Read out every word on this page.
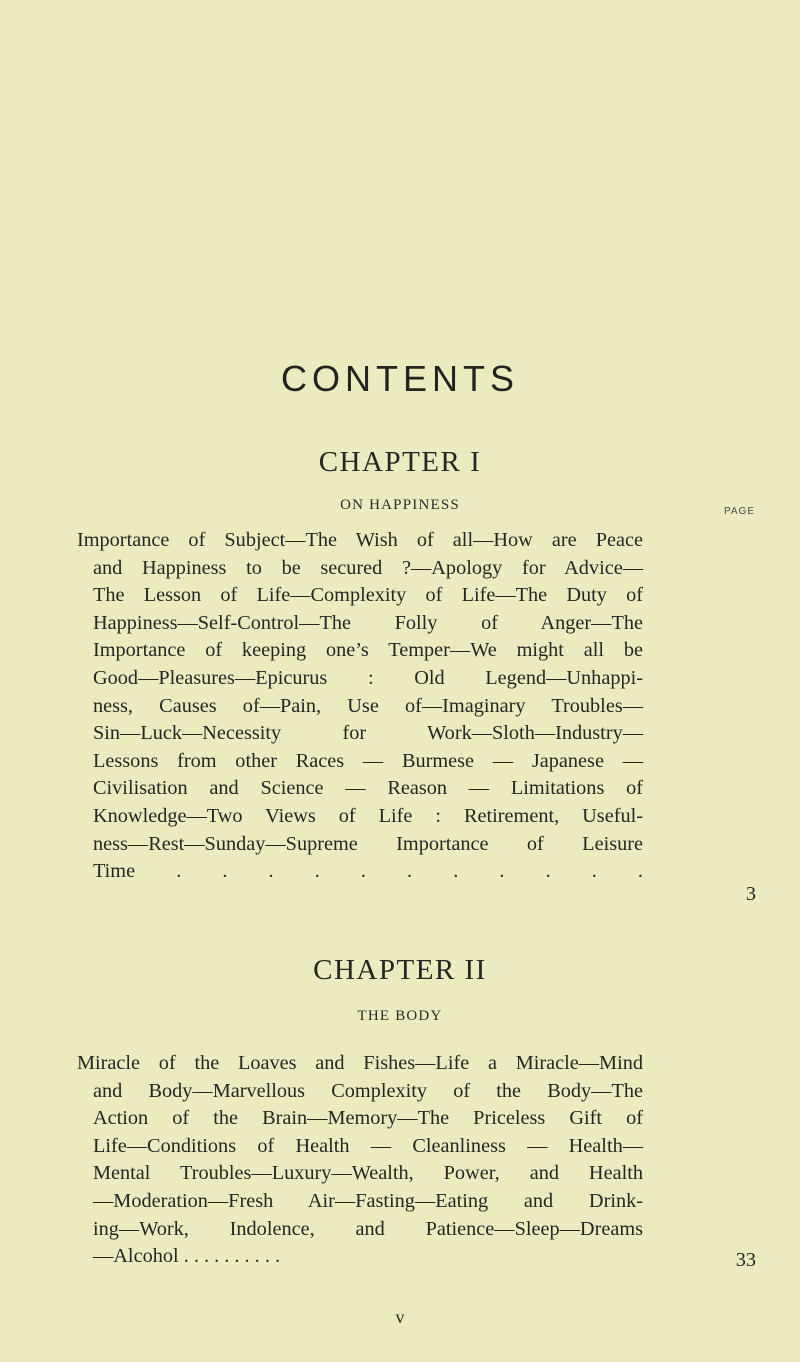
CONTENTS
CHAPTER I
ON HAPPINESS	PAGE
Importance of Subject—The Wish of all—How are Peace
and Happiness to be secured ?—Apology for Advice—
The Lesson of Life—Complexity of Life—The Duty of
Happiness—Self-Control—The Folly of Anger—The
Importance of keeping one’s Temper—We might all be
Good—Pleasures—Epicurus : Old Legend—Unhappi-
ness, Causes of—Pain, Use of—Imaginary Troubles—
Sin—Luck—Necessity for Work—Sloth—Industry—
Lessons from other Races — Burmese — Japanese —
Civilisation and Science — Reason — Limitations of
Knowledge—Two Views of Life : Retirement, Useful-
ness—Rest—Sunday—Supreme Importance of Leisure
Time . . . . . . . . . . .
3
CHAPTER II
THE BODY
Miracle of the Loaves and Fishes—Life a Miracle—Mind
and Body—Marvellous Complexity of the Body—The
Action of the Brain—Memory—The Priceless Gift of
Life—Conditions of Health — Cleanliness — Health—
Mental Troubles—Luxury—Wealth, Power, and Health
—Moderation—Fresh Air—Fasting—Eating and Drink-
ing—Work, Indolence, and Patience—Sleep—Dreams
—Alcohol . . . . . . . . . .	33
v
